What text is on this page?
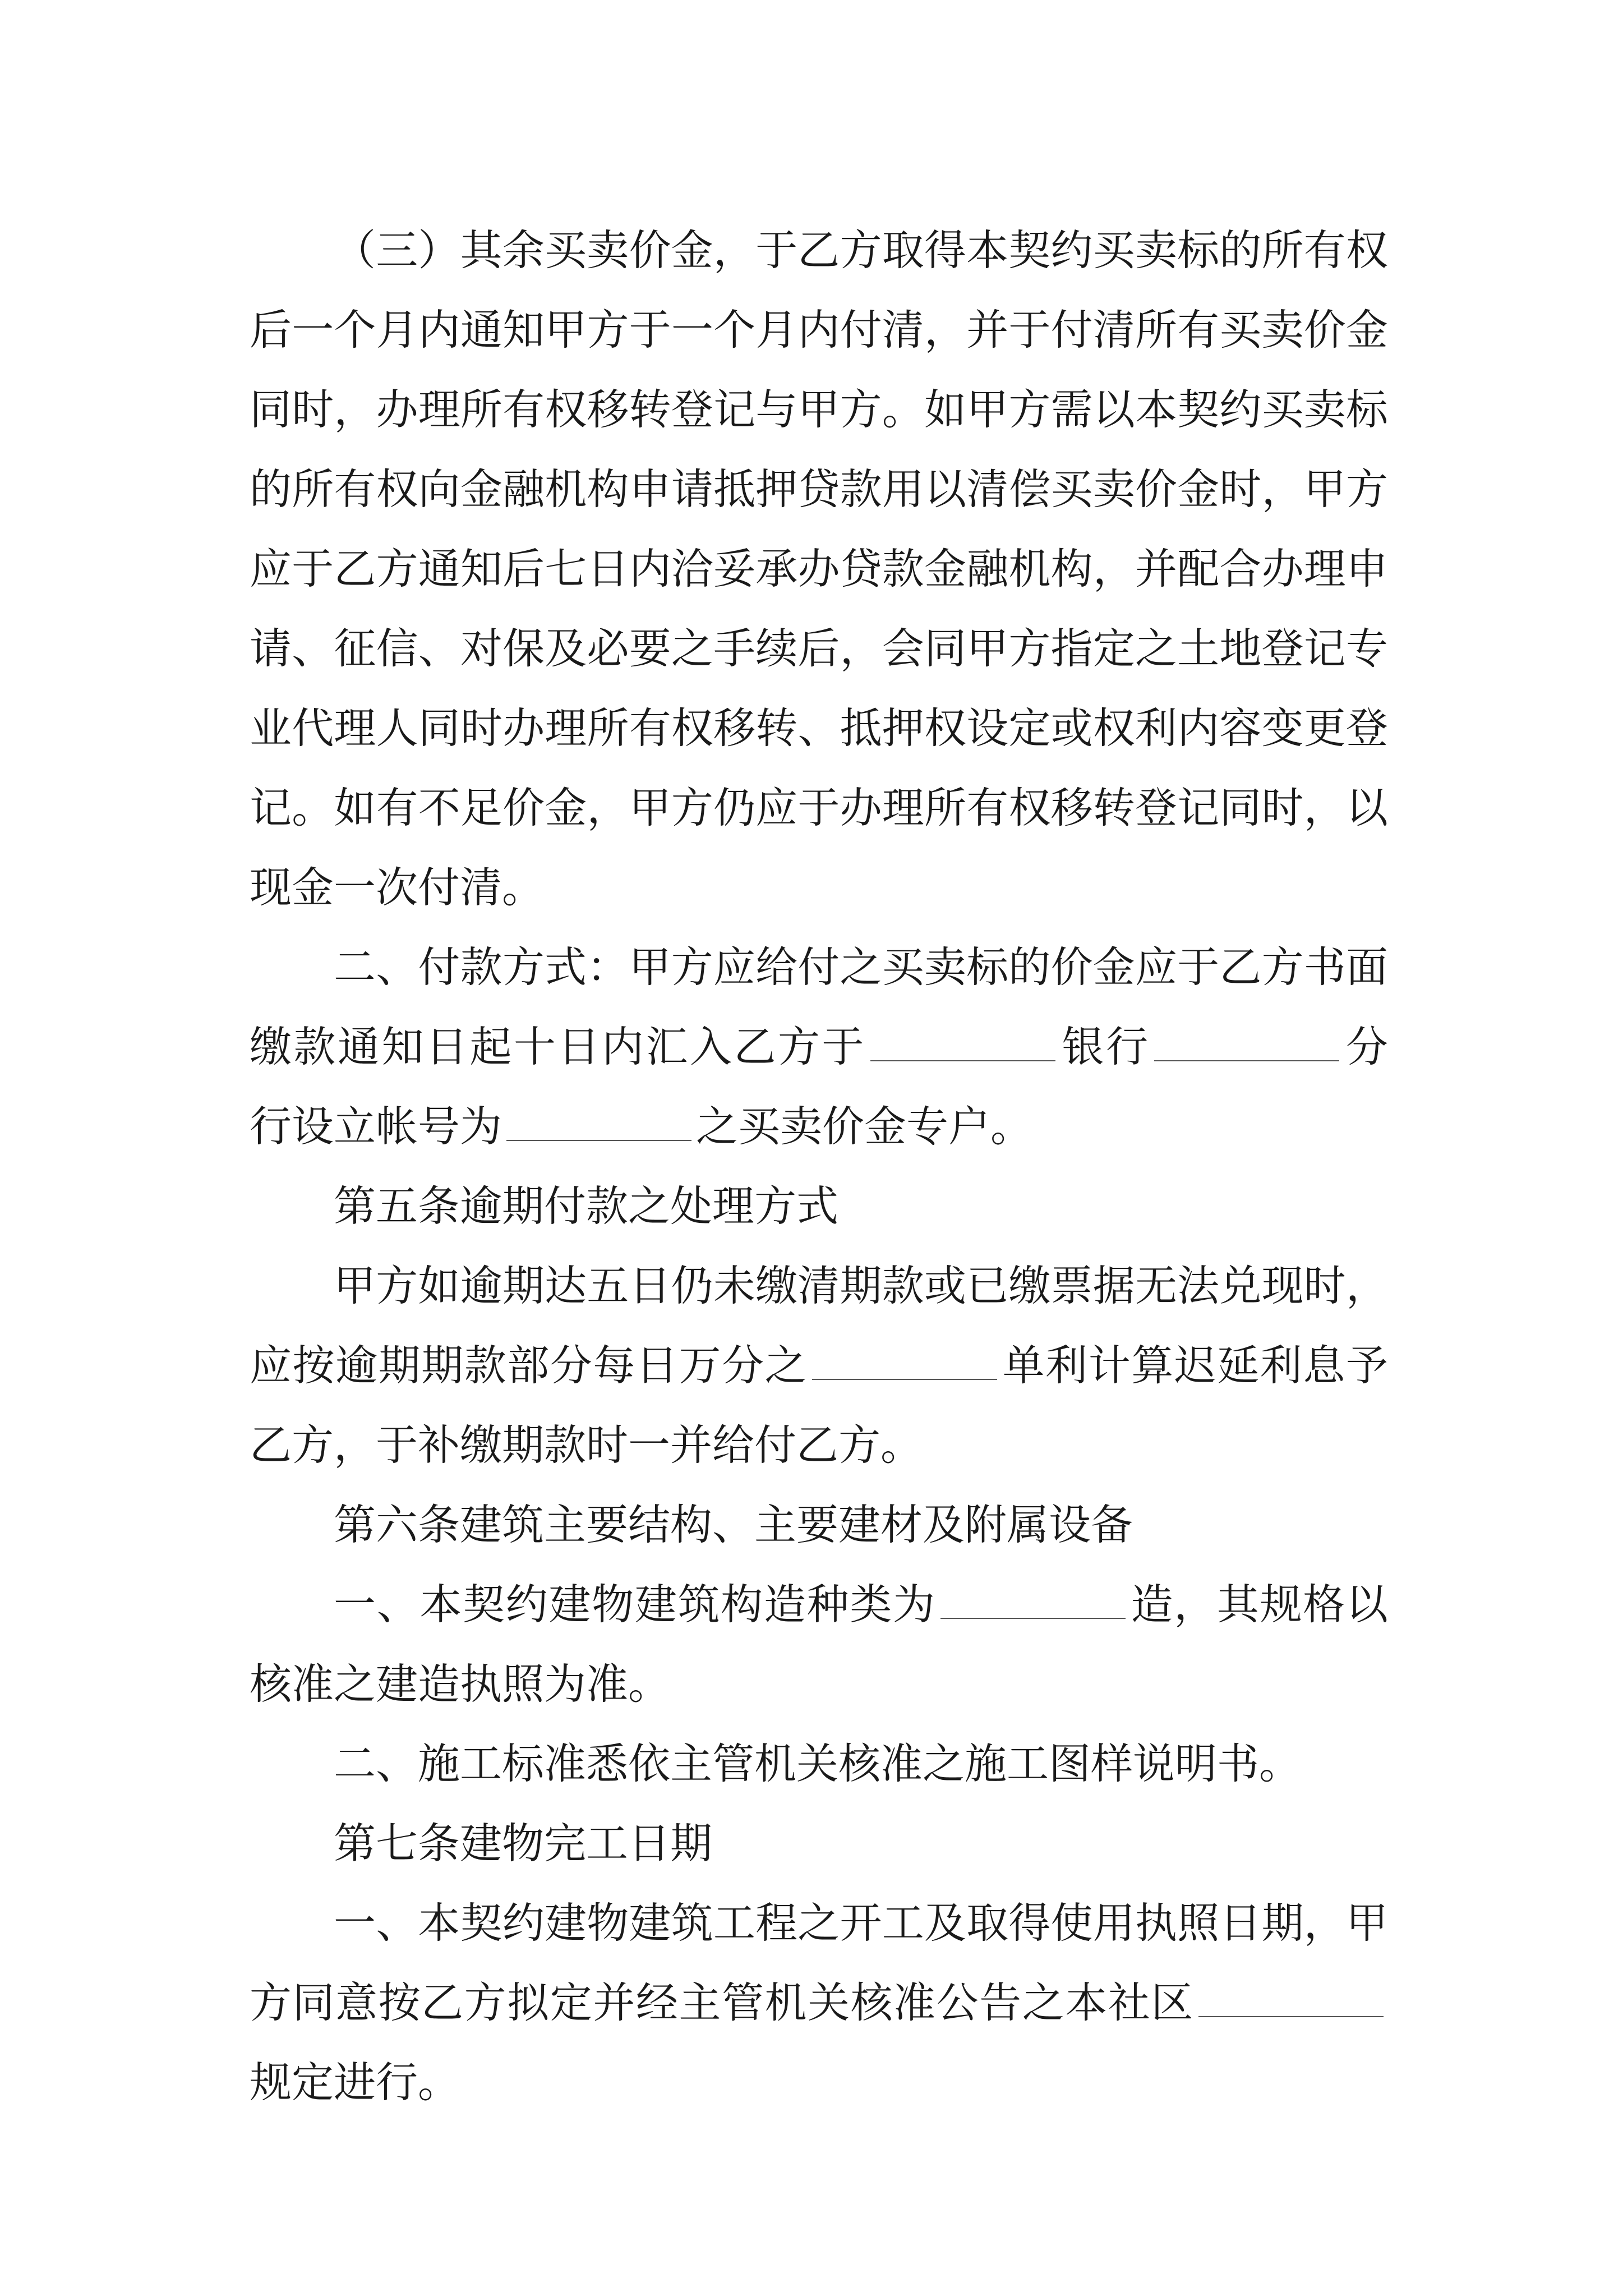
（三）其余买卖价金，于乙方取得本契约买卖标的所有权后一个月内通知甲方于一个月内付清，并于付清所有买卖价金同时，办理所有权移转登记与甲方。如甲方需以本契约买卖标的所有权向金融机构申请抵押贷款用以清偿买卖价金时，甲方应于乙方通知后七日内洽妥承办贷款金融机构，并配合办理申请、征信、对保及必要之手续后，会同甲方指定之土地登记专业代理人同时办理所有权移转、抵押权设定或权利内容变更登记。如有不足价金，甲方仍应于办理所有权移转登记同时，以现金一次付清。

二、付款方式：甲方应给付之买卖标的价金应于乙方书面缴款通知日起十日内汇入乙方于	银行	分行设立帐号为	之买卖价金专户。

第五条逾期付款之处理方式

甲方如逾期达五日仍未缴清期款或已缴票据无法兑现时，应按逾期期款部分每日万分之	单利计算迟延利息予乙方，于补缴期款时一并给付乙方。

第六条建筑主要结构、主要建材及附属设备

一、本契约建物建筑构造种类为	造，其规格以核准之建造执照为准。

二、施工标准悉依主管机关核准之施工图样说明书。

第七条建物完工日期

一、本契约建物建筑工程之开工及取得使用执照日期，甲方同意按乙方拟定并经主管机关核准公告之本社区规定进行。
